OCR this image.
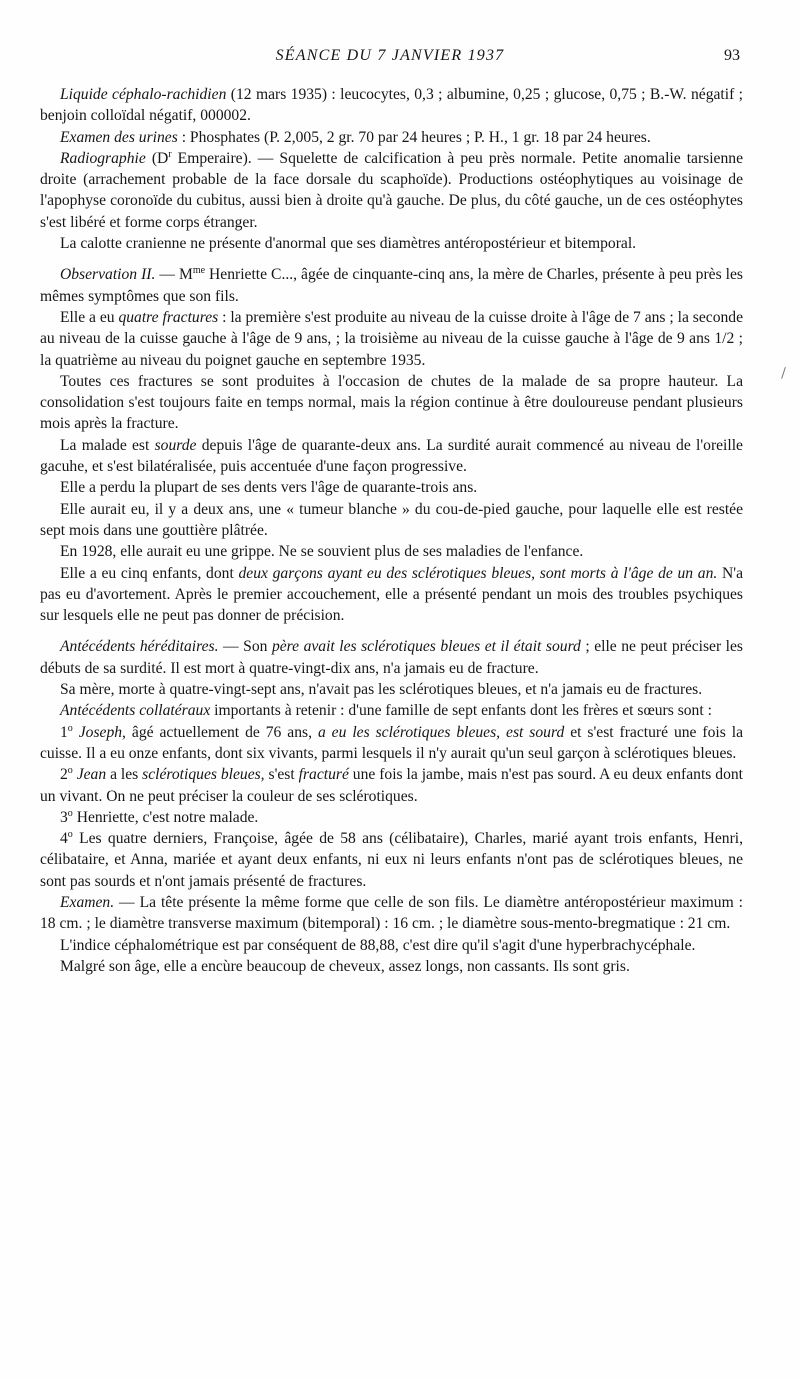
SÉANCE DU 7 JANVIER 1937	93

Liquide céphalo-rachidien (12 mars 1935) : leucocytes, 0,3 ; albumine, 0,25 ; glucose, 0,75 ; B.-W. négatif ; benjoin colloïdal négatif, 000002.

Examen des urines : Phosphates (P. 2,005, 2 gr. 70 par 24 heures ; P. H., 1 gr. 18 par 24 heures.

Radiographie ($D^r$ Emperaire). — Squelette de calcification à peu près normale. Petite anomalie tarsienne droite (arrachement probable de la face dorsale du scaphoïde). Productions ostéophytiques au voisinage de l'apophyse coronoïde du cubitus, aussi bien à droite qu'à gauche. De plus, du côté gauche, un de ces ostéophytes s'est libéré et forme corps étranger.

La calotte cranienne ne présente d'anormal que ses diamètres antéropostérieur et bitemporal.

Observation II. — $M^{me}$ Henriette C..., âgée de cinquante-cinq ans, la mère de Charles, présente à peu près les mêmes symptômes que son fils.

Elle a eu quatre fractures : la première s'est produite au niveau de la cuisse droite à l'âge de 7 ans ; la seconde au niveau de la cuisse gauche à l'âge de 9 ans, ; la troisième au niveau de la cuisse gauche à l'âge de 9 ans 1/2 ; la quatrième au niveau du poignet gauche en septembre 1935.

Toutes ces fractures se sont produites à l'occasion de chutes de la malade de sa propre hauteur. La consolidation s'est toujours faite en temps normal, mais la région continue à être douloureuse pendant plusieurs mois après la fracture.

La malade est sourde depuis l'âge de quarante-deux ans. La surdité aurait commencé au niveau de l'oreille gacuhe, et s'est bilatéralisée, puis accentuée d'une façon progressive.

Elle a perdu la plupart de ses dents vers l'âge de quarante-trois ans.

Elle aurait eu, il y a deux ans, une « tumeur blanche » du cou-de-pied gauche, pour laquelle elle est restée sept mois dans une gouttière plâtrée.

En 1928, elle aurait eu une grippe. Ne se souvient plus de ses maladies de l'enfance.

Elle a eu cinq enfants, dont deux garçons ayant eu des sclérotiques bleues, sont morts à l'âge de un an. N'a pas eu d'avortement. Après le premier accouchement, elle a présenté pendant un mois des troubles psychiques sur lesquels elle ne peut pas donner de précision.

Antécédents héréditaires. — Son père avait les sclérotiques bleues et il était sourd ; elle ne peut préciser les débuts de sa surdité. Il est mort à quatre-vingt-dix ans, n'a jamais eu de fracture.

Sa mère, morte à quatre-vingt-sept ans, n'avait pas les sclérotiques bleues, et n'a jamais eu de fractures.

Antécédents collatéraux importants à retenir : d'une famille de sept enfants dont les frères et sœurs sont :

1$^o$ Joseph, âgé actuellement de 76 ans, a eu les sclérotiques bleues, est sourd et s'est fracturé une fois la cuisse. Il a eu onze enfants, dont six vivants, parmi lesquels il n'y aurait qu'un seul garçon à sclérotiques bleues.

2$^o$ Jean a les sclérotiques bleues, s'est fracturé une fois la jambe, mais n'est pas sourd. A eu deux enfants dont un vivant. On ne peut préciser la couleur de ses sclérotiques.

3$^o$ Henriette, c'est notre malade.

4$^o$ Les quatre derniers, Françoise, âgée de 58 ans (célibataire), Charles, marié ayant trois enfants, Henri, célibataire, et Anna, mariée et ayant deux enfants, ni eux ni leurs enfants n'ont pas de sclérotiques bleues, ne sont pas sourds et n'ont jamais présenté de fractures.

Examen. — La tête présente la même forme que celle de son fils. Le diamètre antéropostérieur maximum : 18 cm. ; le diamètre transverse maximum (bitemporal) : 16 cm. ; le diamètre sous-mento-bregmatique : 21 cm.

L'indice céphalométrique est par conséquent de 88,88, c'est dire qu'il s'agit d'une hyperbrachycéphale.

Malgré son âge, elle a encùre beaucoup de cheveux, assez longs, non cassants. Ils sont gris.
